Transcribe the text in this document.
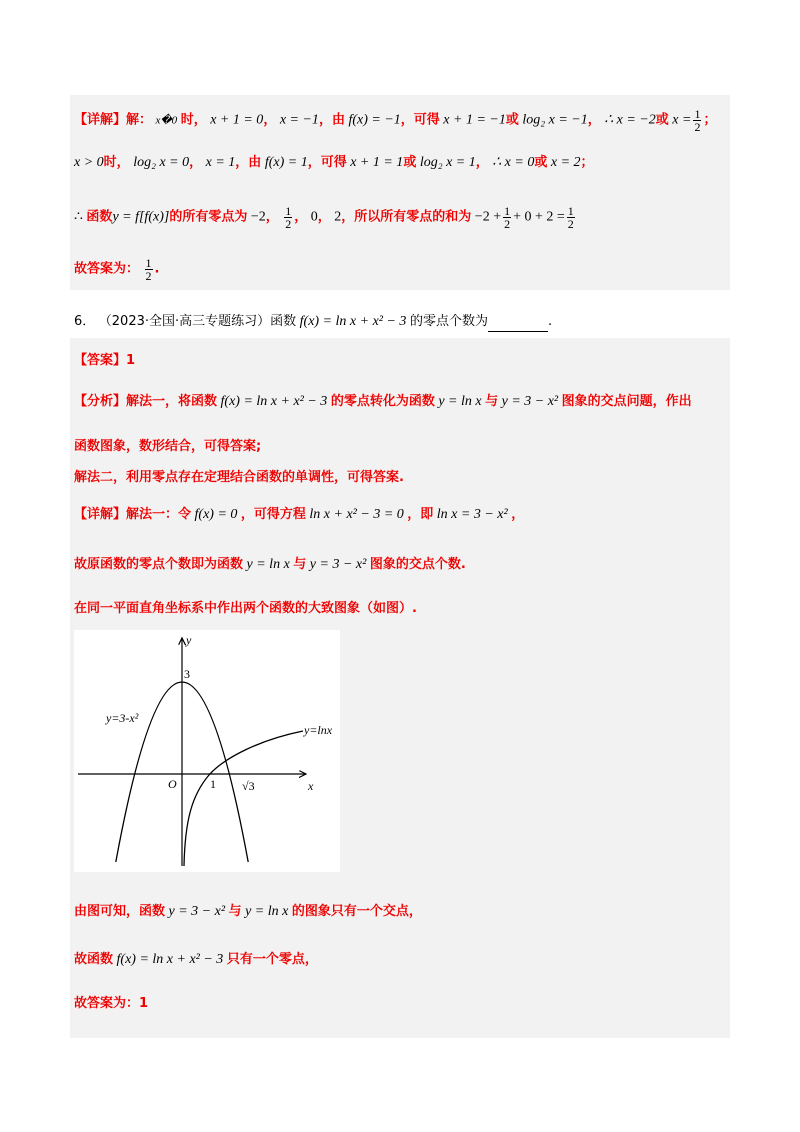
【详解】解： x�0 时， x + 1 = 0， x = −1，由 f(x) = −1，可得 x + 1 = −1或 log₂ x = −1， ∴ x = −2或 $x = \frac{1}{2}$ ；
x > 0时， log₂ x = 0， x = 1，由 f(x) = 1，可得 x + 1 = 1或 log₂ x = 1， ∴ x = 0或 x = 2；
∴ 函数y = f[f(x)]的所有零点为 −2， $\frac{1}{2}$ ， 0， 2，所以所有零点的和为 $-2 + \frac{1}{2} + 0 + 2 = \frac{1}{2}$
故答案为： $\frac{1}{2}$ .
6． （2023·全国·高三专题练习）函数 f(x) = ln x + x² − 3 的零点个数为	.
【答案】1
【分析】解法一，将函数 f(x) = ln x + x² − 3 的零点转化为函数 y = ln x 与 y = 3 − x² 图象的交点问题，作出
函数图象，数形结合，可得答案;
解法二，利用零点存在定理结合函数的单调性，可得答案.
【详解】解法一：令 f(x) = 0 ，可得方程 ln x + x² − 3 = 0 ，即 ln x = 3 − x² ，
故原函数的零点个数即为函数 y = ln x 与 y = 3 − x² 图象的交点个数.
在同一平面直角坐标系中作出两个函数的大致图象（如图）.
y
x
O
3
1 √3
y=3-x²
y=lnx
由图可知，函数 y = 3 − x² 与 y = ln x 的图象只有一个交点，
故函数 f(x) = ln x + x² − 3 只有一个零点，
故答案为：1
